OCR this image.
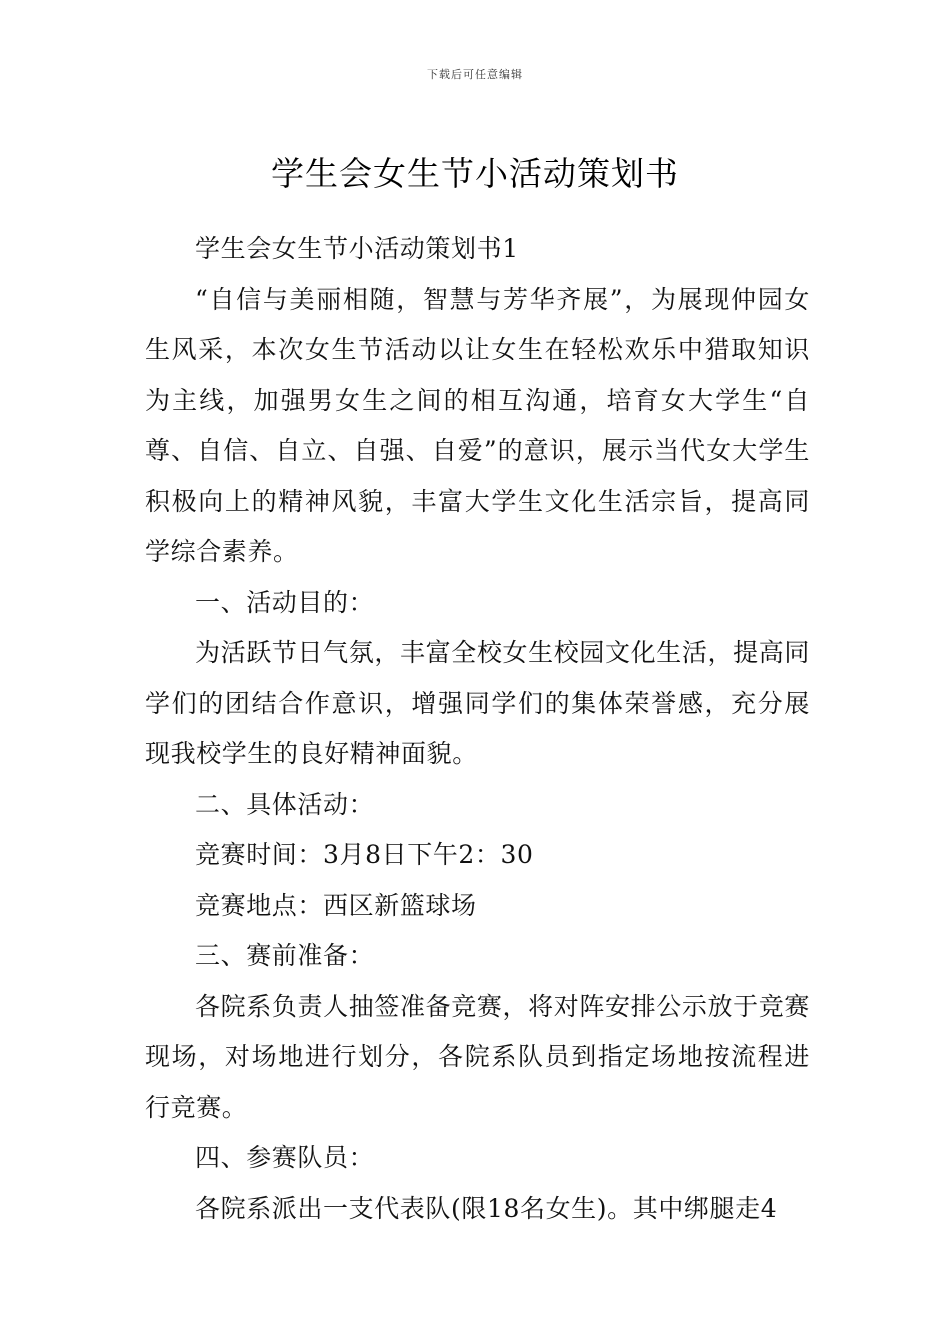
下载后可任意编辑
学生会女生节小活动策划书

学生会女生节小活动策划书1

“自信与美丽相随，智慧与芳华齐展”，为展现仲园女生风采，本次女生节活动以让女生在轻松欢乐中猎取知识为主线，加强男女生之间的相互沟通，培育女大学生“自尊、自信、自立、自强、自爱”的意识，展示当代女大学生积极向上的精神风貌，丰富大学生文化生活宗旨，提高同学综合素养。

一、活动目的：

为活跃节日气氛，丰富全校女生校园文化生活，提高同学们的团结合作意识，增强同学们的集体荣誉感，充分展现我校学生的良好精神面貌。

二、具体活动：

竞赛时间：3月8日下午2：30

竞赛地点：西区新篮球场

三、赛前准备：

各院系负责人抽签准备竞赛，将对阵安排公示放于竞赛现场，对场地进行划分，各院系队员到指定场地按流程进行竞赛。

四、参赛队员：

各院系派出一支代表队(限18名女生)。其中绑腿走4
